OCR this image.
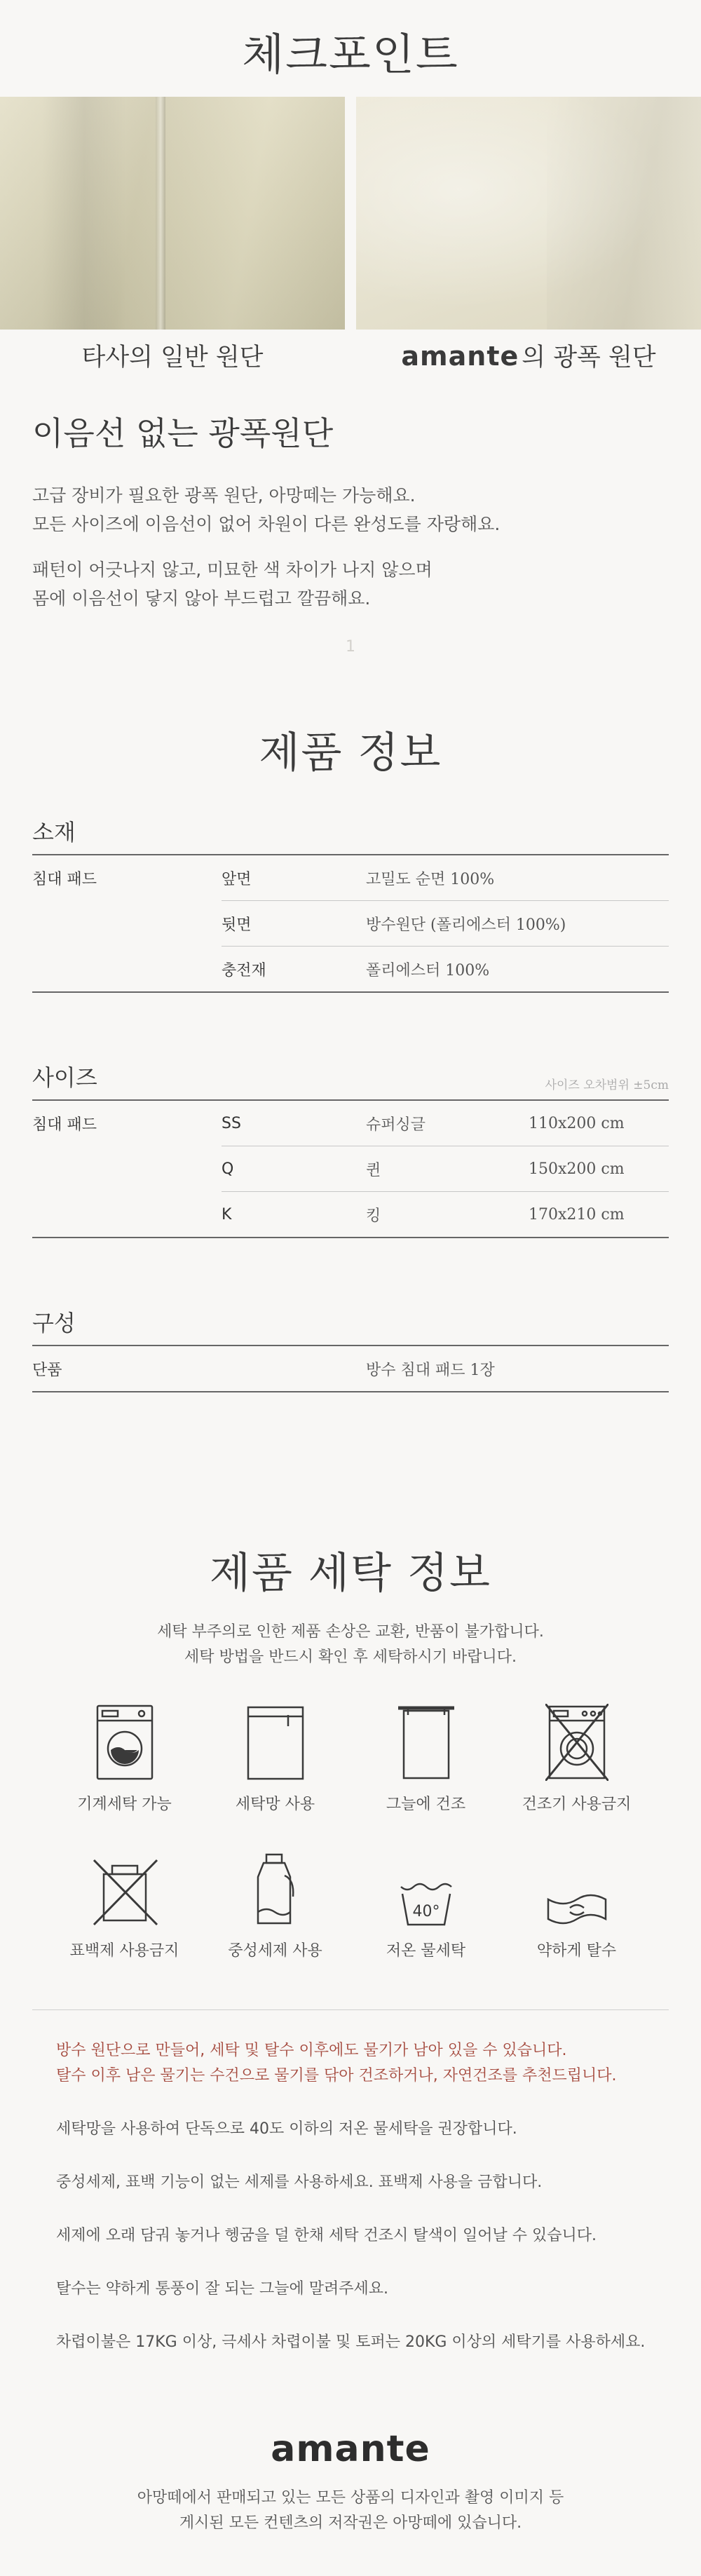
체크포인트
타사의 일반 원단	amante 의 광폭 원단
이음선 없는 광폭원단

고급 장비가 필요한 광폭 원단, 아망떼는 가능해요.
모든 사이즈에 이음선이 없어 차원이 다른 완성도를 자랑해요.

패턴이 어긋나지 않고, 미묘한 색 차이가 나지 않으며
몸에 이음선이 닿지 않아 부드럽고 깔끔해요.

1
제품 정보
소재
침대 패드	앞면	고밀도 순면 100%
	뒷면	방수원단 (폴리에스터 100%)
	충전재	폴리에스터 100%
사이즈	사이즈 오차범위 ±5cm
침대 패드	SS	슈퍼싱글	110x200 cm
	Q	퀸	150x200 cm
	K	킹	170x210 cm
구성
단품		방수 침대 패드 1장
제품 세탁 정보
세탁 부주의로 인한 제품 손상은 교환, 반품이 불가합니다.
세탁 방법을 반드시 확인 후 세탁하시기 바랍니다.
기계세탁 가능	세탁망 사용	그늘에 건조	건조기 사용금지
표백제 사용금지	중성세제 사용
40°
저온 물세탁	약하게 탈수

방수 원단으로 만들어, 세탁 및 탈수 이후에도 물기가 남아 있을 수 있습니다.
탈수 이후 남은 물기는 수건으로 물기를 닦아 건조하거나, 자연건조를 추천드립니다.

세탁망을 사용하여 단독으로 40도 이하의 저온 물세탁을 권장합니다.

중성세제, 표백 기능이 없는 세제를 사용하세요. 표백제 사용을 금합니다.

세제에 오래 담궈 놓거나 헹굼을 덜 한채 세탁 건조시 탈색이 일어날 수 있습니다.

탈수는 약하게 통풍이 잘 되는 그늘에 말려주세요.

차렵이불은 17KG 이상, 극세사 차렵이불 및 토퍼는 20KG 이상의 세탁기를 사용하세요.

amante
아망떼에서 판매되고 있는 모든 상품의 디자인과 촬영 이미지 등
게시된 모든 컨텐츠의 저작권은 아망떼에 있습니다.
